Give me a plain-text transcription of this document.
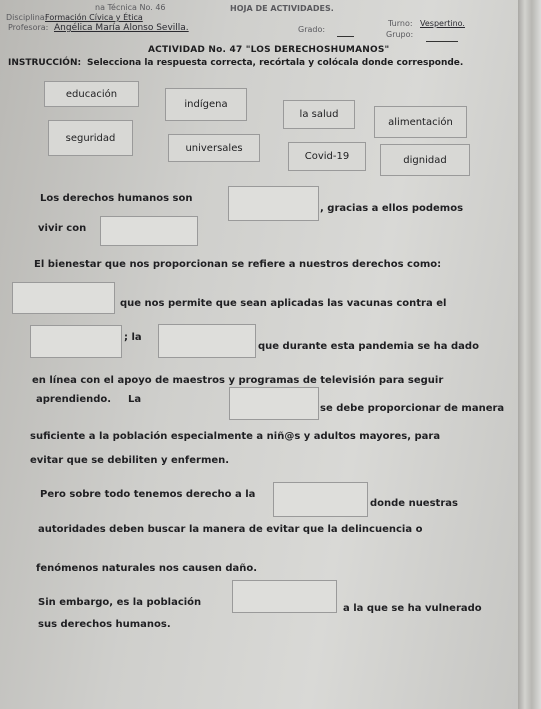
na Técnica No. 46	HOJA DE ACTIVIDADES.
Disciplina:
Formación Cívica y Ética
Profesora: Angélica María Alonso Sevilla.	Grado:
Turno: Vespertino.
Grupo:
ACTIVIDAD No. 47 "LOS DERECHOSHUMANOS"
INSTRUCCIÓN: Selecciona la respuesta correcta, recórtala y colócala donde corresponde.
educación
indígena
la salud
alimentación
seguridad
universales
Covid-19	dignidad
Los derechos humanos son
, gracias a ellos podemos
vivir con
El bienestar que nos proporcionan se refiere a nuestros derechos como:
que nos permite que sean aplicadas las vacunas contra el
; la
que durante esta pandemia se ha dado
en línea con el apoyo de maestros y programas de televisión para seguir
aprendiendo. La
se debe proporcionar de manera
suficiente a la población especialmente a niñ@s y adultos mayores, para
evitar que se debiliten y enfermen.
Pero sobre todo tenemos derecho a la
donde nuestras
autoridades deben buscar la manera de evitar que la delincuencia o
fenómenos naturales nos causen daño.
Sin embargo, es la población
a la que se ha vulnerado
sus derechos humanos.
